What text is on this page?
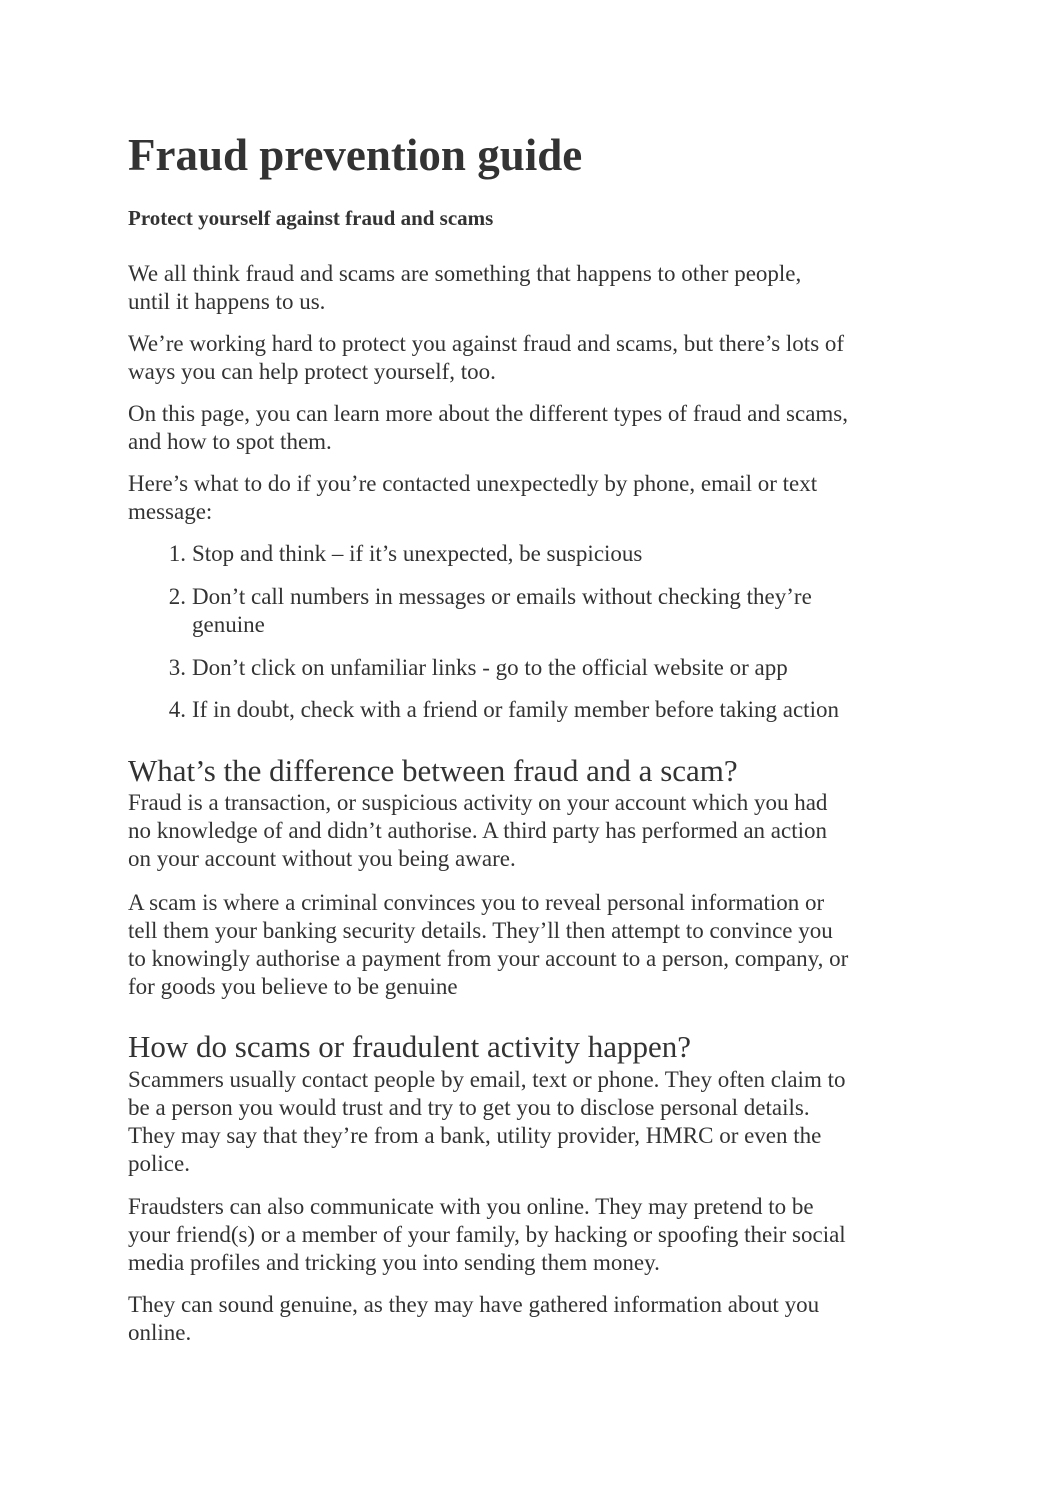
Fraud prevention guide
Protect yourself against fraud and scams
We all think fraud and scams are something that happens to other people,
until it happens to us.
We’re working hard to protect you against fraud and scams, but there’s lots of
ways you can help protect yourself, too.
On this page, you can learn more about the different types of fraud and scams,
and how to spot them.
Here’s what to do if you’re contacted unexpectedly by phone, email or text
message:
1. Stop and think – if it’s unexpected, be suspicious
2. Don’t call numbers in messages or emails without checking they’re
genuine
3. Don’t click on unfamiliar links - go to the official website or app
4. If in doubt, check with a friend or family member before taking action
What’s the difference between fraud and a scam?
Fraud is a transaction, or suspicious activity on your account which you had
no knowledge of and didn’t authorise. A third party has performed an action
on your account without you being aware.
A scam is where a criminal convinces you to reveal personal information or
tell them your banking security details. They’ll then attempt to convince you
to knowingly authorise a payment from your account to a person, company, or
for goods you believe to be genuine
How do scams or fraudulent activity happen?
Scammers usually contact people by email, text or phone. They often claim to
be a person you would trust and try to get you to disclose personal details.
They may say that they’re from a bank, utility provider, HMRC or even the
police.
Fraudsters can also communicate with you online. They may pretend to be
your friend(s) or a member of your family, by hacking or spoofing their social
media profiles and tricking you into sending them money.
They can sound genuine, as they may have gathered information about you
online.
